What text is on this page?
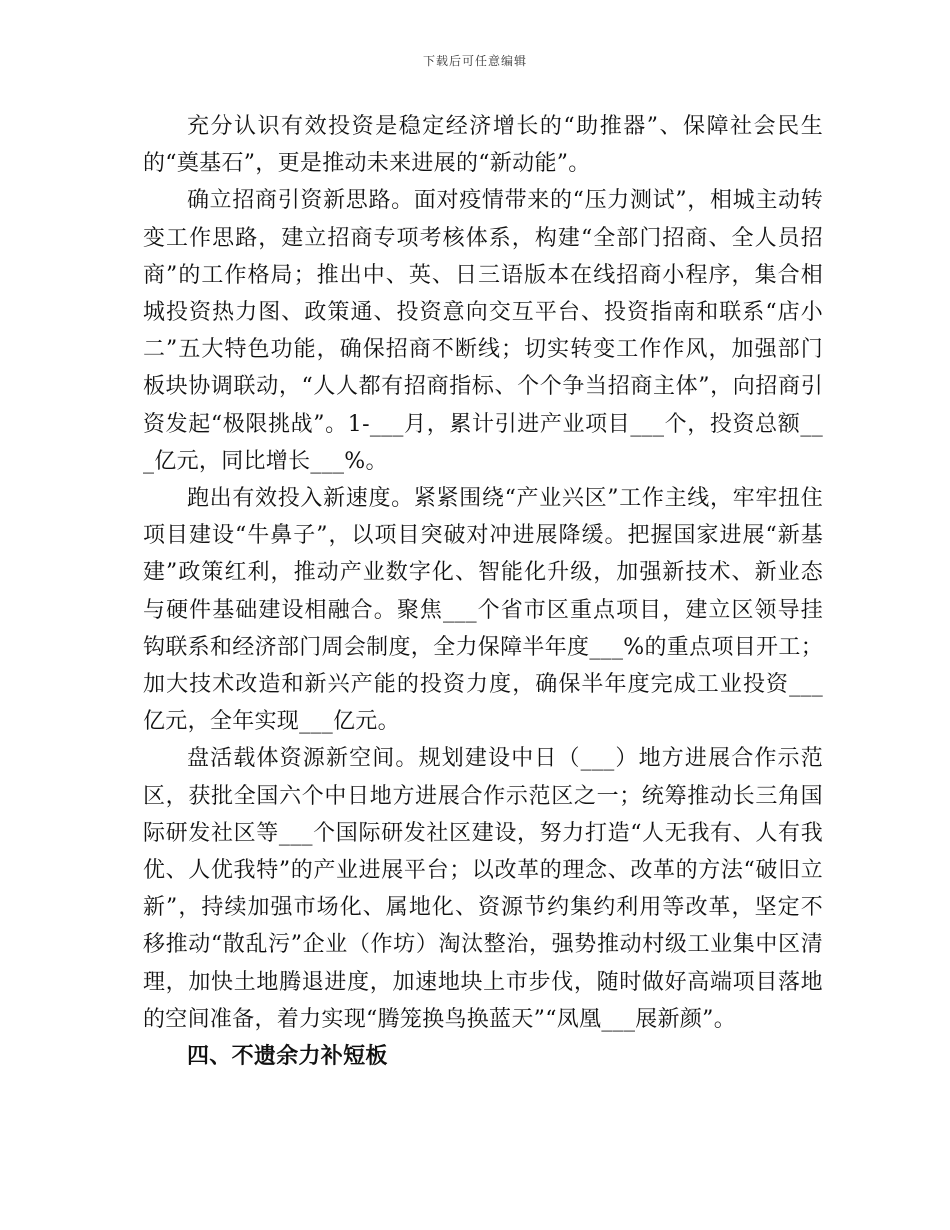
下载后可任意编辑

充分认识有效投资是稳定经济增长的“助推器”、保障社会民生的“奠基石”，更是推动未来进展的“新动能”。

确立招商引资新思路。面对疫情带来的“压力测试”，相城主动转变工作思路，建立招商专项考核体系，构建“全部门招商、全人员招商”的工作格局；推出中、英、日三语版本在线招商小程序，集合相城投资热力图、政策通、投资意向交互平台、投资指南和联系“店小二”五大特色功能，确保招商不断线；切实转变工作作风，加强部门板块协调联动，“人人都有招商指标、个个争当招商主体”，向招商引资发起“极限挑战”。1-___月，累计引进产业项目___个，投资总额___亿元，同比增长___%。

跑出有效投入新速度。紧紧围绕“产业兴区”工作主线，牢牢扭住项目建设“牛鼻子”，以项目突破对冲进展降缓。把握国家进展“新基建”政策红利，推动产业数字化、智能化升级，加强新技术、新业态与硬件基础建设相融合。聚焦___个省市区重点项目，建立区领导挂钩联系和经济部门周会制度，全力保障半年度___%的重点项目开工；加大技术改造和新兴产能的投资力度，确保半年度完成工业投资___亿元，全年实现___亿元。

盘活载体资源新空间。规划建设中日（___）地方进展合作示范区，获批全国六个中日地方进展合作示范区之一；统筹推动长三角国际研发社区等___个国际研发社区建设，努力打造“人无我有、人有我优、人优我特”的产业进展平台；以改革的理念、改革的方法“破旧立新”，持续加强市场化、属地化、资源节约集约利用等改革，坚定不移推动“散乱污”企业（作坊）淘汰整治，强势推动村级工业集中区清理，加快土地腾退进度，加速地块上市步伐，随时做好高端项目落地的空间准备，着力实现“腾笼换鸟换蓝天”“凤凰___展新颜”。

四、不遗余力补短板
